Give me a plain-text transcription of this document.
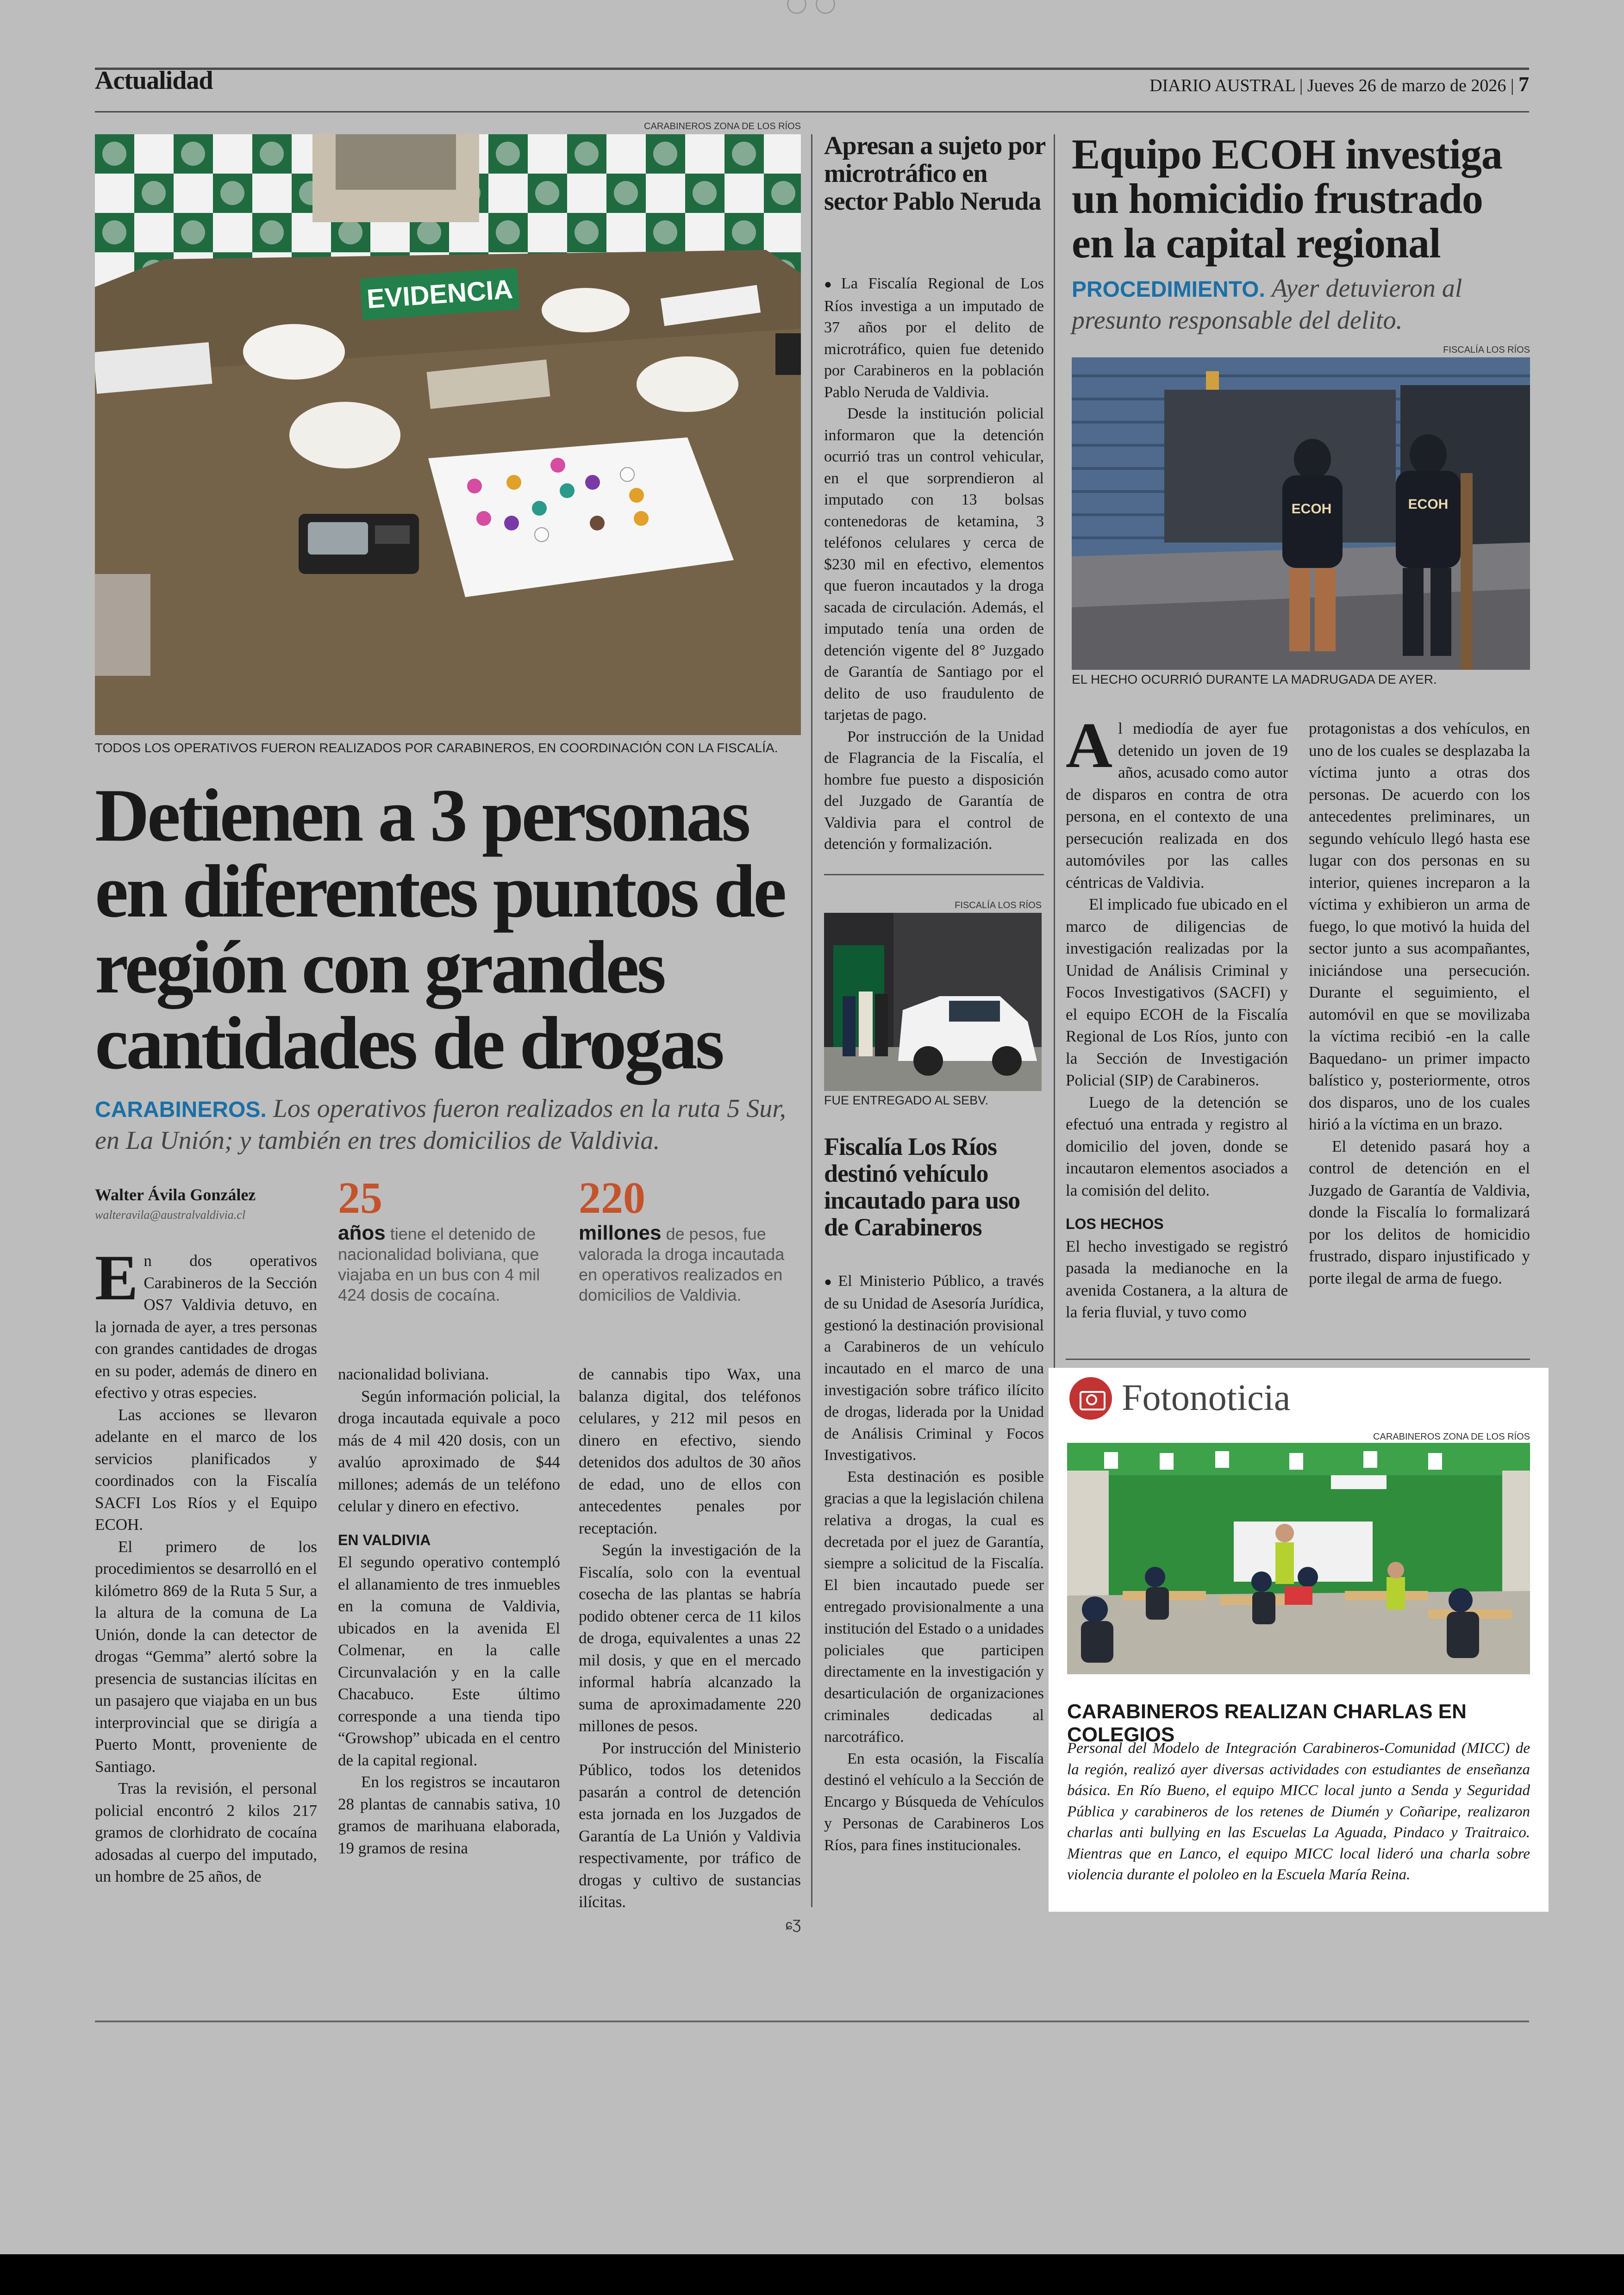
Actualidad	DIARIO AUSTRAL | Jueves 26 de marzo de 2026 | 7
CARABINEROS ZONA DE LOS RÍOS
EVIDENCIA
TODOS LOS OPERATIVOS FUERON REALIZADOS POR CARABINEROS, EN COORDINACIÓN CON LA FISCALÍA.
Detienen a 3 personas en diferentes puntos de región con grandes cantidades de drogas
CARABINEROS. Los operativos fueron realizados en la ruta 5 Sur, en La Unión; y también en tres domicilios de Valdivia.
Walter Ávila González
walteravila@australvaldivia.cl	25
años tiene el detenido de nacionalidad boliviana, que viajaba en un bus con 4 mil 424 dosis de cocaína.
220
millones de pesos, fue valorada la droga incautada en operativos realizados en domicilios de Valdivia.

En dos operativos Carabineros de la Sección OS7 Valdivia detuvo, en la jornada de ayer, a tres personas con grandes cantidades de drogas en su poder, además de dinero en efectivo y otras especies.

Las acciones se llevaron adelante en el marco de los servicios planificados y coordinados con la Fiscalía SACFI Los Ríos y el Equipo ECOH.

El primero de los procedimientos se desarrolló en el kilómetro 869 de la Ruta 5 Sur, a la altura de la comuna de La Unión, donde la can detector de drogas “Gemma” alertó sobre la presencia de sustancias ilícitas en un pasajero que viajaba en un bus interprovincial que se dirigía a Puerto Montt, proveniente de Santiago.

Tras la revisión, el personal policial encontró 2 kilos 217 gramos de clorhidrato de cocaína adosadas al cuerpo del imputado, un hombre de 25 años, de

nacionalidad boliviana.

Según información policial, la droga incautada equivale a poco más de 4 mil 420 dosis, con un avalúo aproximado de $44 millones; además de un teléfono celular y dinero en efectivo.

EN VALDIVIA

El segundo operativo contempló el allanamiento de tres inmuebles en la comuna de Valdivia, ubicados en la avenida El Colmenar, en la calle Circunvalación y en la calle Chacabuco. Este último corresponde a una tienda tipo “Growshop” ubicada en el centro de la capital regional.

En los registros se incautaron 28 plantas de cannabis sativa, 10 gramos de marihuana elaborada, 19 gramos de resina

de cannabis tipo Wax, una balanza digital, dos teléfonos celulares, y 212 mil pesos en dinero en efectivo, siendo detenidos dos adultos de 30 años de edad, uno de ellos con antecedentes penales por receptación.

Según la investigación de la Fiscalía, solo con la eventual cosecha de las plantas se habría podido obtener cerca de 11 kilos de droga, equivalentes a unas 22 mil dosis, y que en el mercado informal habría alcanzado la suma de aproximadamente 220 millones de pesos.

Por instrucción del Ministerio Público, todos los detenidos pasarán a control de detención esta jornada en los Juzgados de Garantía de La Unión y Valdivia respectivamente, por tráfico de drogas y cultivo de sustancias ilícitas.

ɕƷ
Apresan a sujeto por microtráfico en sector Pablo Neruda

● La Fiscalía Regional de Los Ríos investiga a un imputado de 37 años por el delito de microtráfico, quien fue detenido por Carabineros en la población Pablo Neruda de Valdivia.

Desde la institución policial informaron que la detención ocurrió tras un control vehicular, en el que sorprendieron al imputado con 13 bolsas contenedoras de ketamina, 3 teléfonos celulares y cerca de $230 mil en efectivo, elementos que fueron incautados y la droga sacada de circulación. Además, el imputado tenía una orden de detención vigente del 8° Juzgado de Garantía de Santiago por el delito de uso fraudulento de tarjetas de pago.

Por instrucción de la Unidad de Flagrancia de la Fiscalía, el hombre fue puesto a disposición del Juzgado de Garantía de Valdivia para el control de detención y formalización.

FISCALÍA LOS RÍOS
FUE ENTREGADO AL SEBV.
Fiscalía Los Ríos destinó vehículo incautado para uso de Carabineros

● El Ministerio Público, a través de su Unidad de Asesoría Jurídica, gestionó la destinación provisional a Carabineros de un vehículo incautado en el marco de una investigación sobre tráfico ilícito de drogas, liderada por la Unidad de Análisis Criminal y Focos Investigativos.

Esta destinación es posible gracias a que la legislación chilena relativa a drogas, la cual es decretada por el juez de Garantía, siempre a solicitud de la Fiscalía. El bien incautado puede ser entregado provisionalmente a una institución del Estado o a unidades policiales que participen directamente en la investigación y desarticulación de organizaciones criminales dedicadas al narcotráfico.

En esta ocasión, la Fiscalía destinó el vehículo a la Sección de Encargo y Búsqueda de Vehículos y Personas de Carabineros Los Ríos, para fines institucionales.

Equipo ECOH investiga un homicidio frustrado en la capital regional
PROCEDIMIENTO. Ayer detuvieron al presunto responsable del delito.
FISCALÍA LOS RÍOS
ECOH	ECOH
EL HECHO OCURRIÓ DURANTE LA MADRUGADA DE AYER.

Al mediodía de ayer fue detenido un joven de 19 años, acusado como autor de disparos en contra de otra persona, en el contexto de una persecución realizada en dos automóviles por las calles céntricas de Valdivia.

El implicado fue ubicado en el marco de diligencias de investigación realizadas por la Unidad de Análisis Criminal y Focos Investigativos (SACFI) y el equipo ECOH de la Fiscalía Regional de Los Ríos, junto con la Sección de Investigación Policial (SIP) de Carabineros.

Luego de la detención se efectuó una entrada y registro al domicilio del joven, donde se incautaron elementos asociados a la comisión del delito.

LOS HECHOS

El hecho investigado se registró pasada la medianoche en la avenida Costanera, a la altura de la feria fluvial, y tuvo como

protagonistas a dos vehículos, en uno de los cuales se desplazaba la víctima junto a otras dos personas. De acuerdo con los antecedentes preliminares, un segundo vehículo llegó hasta ese lugar con dos personas en su interior, quienes increparon a la víctima y exhibieron un arma de fuego, lo que motivó la huida del sector junto a sus acompañantes, iniciándose una persecución. Durante el seguimiento, el automóvil en que se movilizaba la víctima recibió -en la calle Baquedano- un primer impacto balístico y, posteriormente, otros dos disparos, uno de los cuales hirió a la víctima en un brazo.

El detenido pasará hoy a control de detención en el Juzgado de Garantía de Valdivia, donde la Fiscalía lo formalizará por los delitos de homicidio frustrado, disparo injustificado y porte ilegal de arma de fuego.

Fotonoticia
CARABINEROS ZONA DE LOS RÍOS
CARABINEROS REALIZAN CHARLAS EN COLEGIOS
Personal del Modelo de Integración Carabineros-Comunidad (MICC) de la región, realizó ayer diversas actividades con estudiantes de enseñanza básica. En Río Bueno, el equipo MICC local junto a Senda y Seguridad Pública y carabineros de los retenes de Diumén y Coñaripe, realizaron charlas anti bullying en las Escuelas La Aguada, Pindaco y Traitraico. Mientras que en Lanco, el equipo MICC local lideró una charla sobre violencia durante el pololeo en la Escuela María Reina.
